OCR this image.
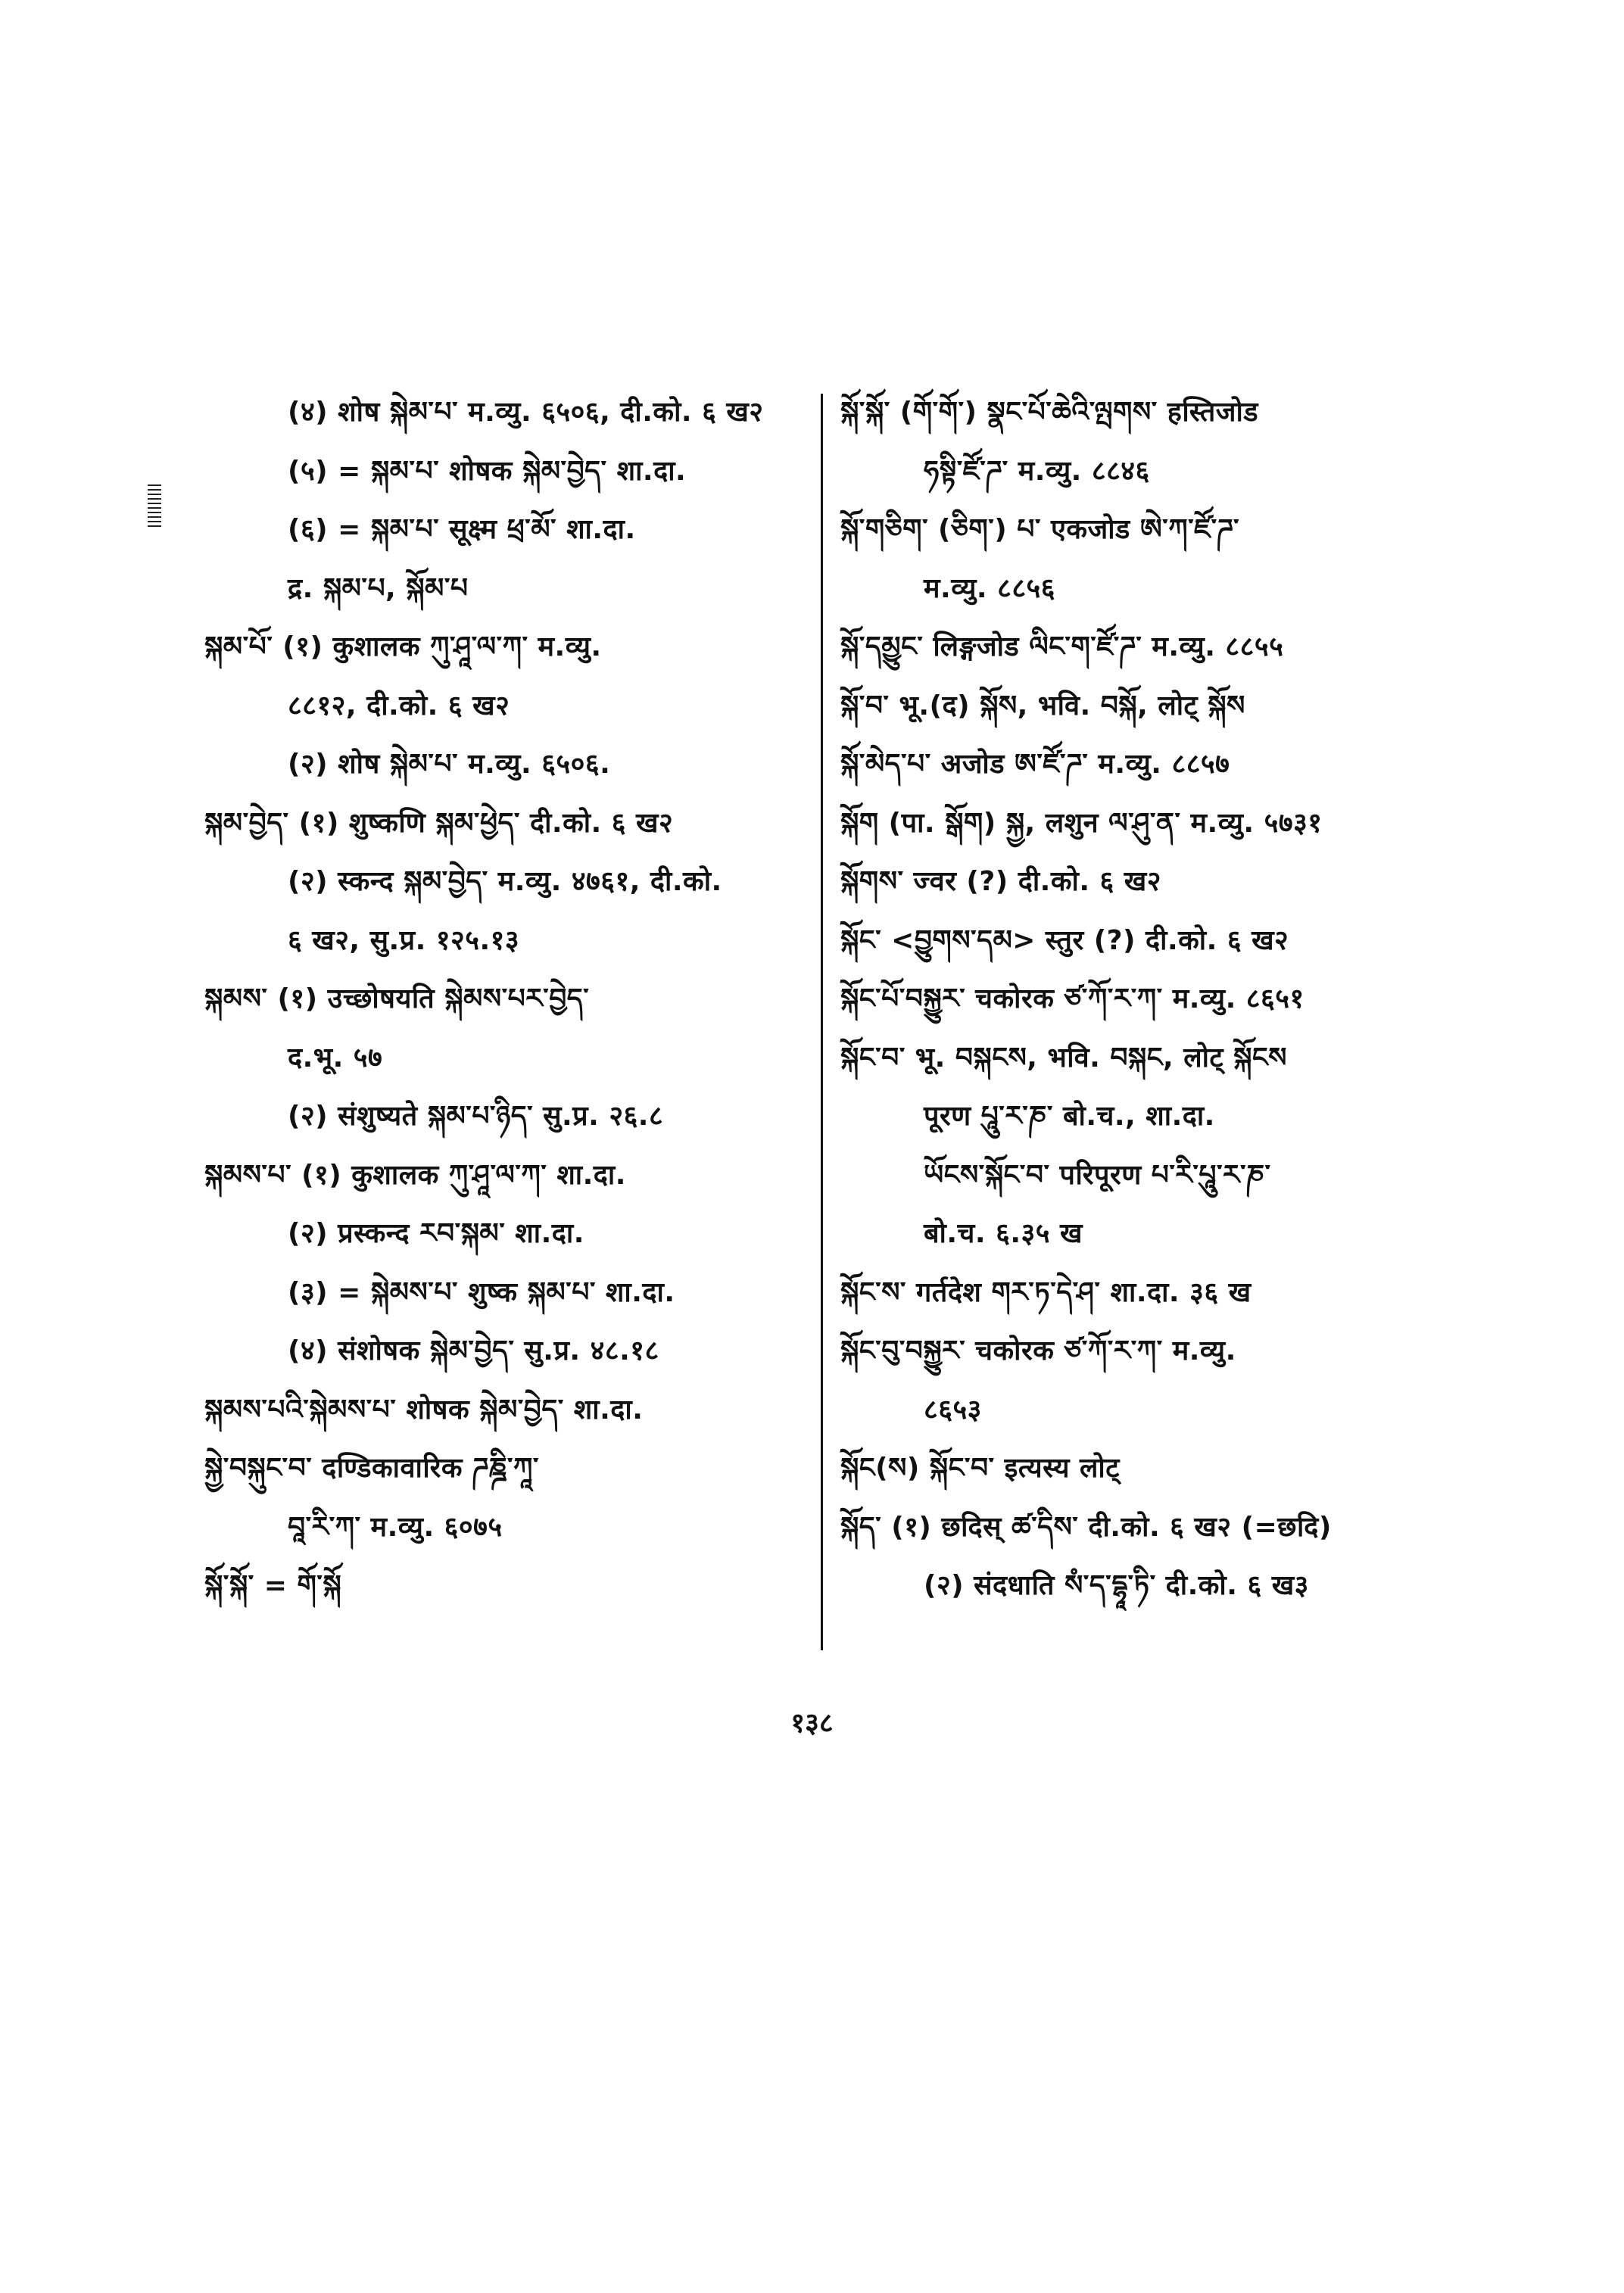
(४) शोष སྐེམ་པ་ म.व्यु. ६५०६, दी.को. ६ ख२
(५) = སྐམ་པ་ शोषक སྐེམ་བྱེད་ शा.दा.
(६) = སྐམ་པ་ सूक्ष्म ཕྲ་མོ་ शा.दा.
द्र. སྐམ་པ, སྐོམ་པ
སྐམ་པོ་ (१) कुशालक ཀུ་ཤཱ་ལ་ཀ་ म.व्यु.
८८१२, दी.को. ६ ख२
(२) शोष སྐེམ་པ་ म.व्यु. ६५०६.
སྐམ་བྱེད་ (१) शुष्कणि སྐམ་ཕྱེད་ दी.को. ६ ख२
(२) स्कन्द སྐམ་བྱེད་ म.व्यु. ४७६१, दी.को.
६ ख२, सु.प्र. १२५.१३
སྐམས་ (१) उच्छोषयति སྐེམས་པར་བྱེད་
द.भू. ५७
(२) संशुष्यते སྐམ་པ་ཉིད་ सु.प्र. २६.८
སྐམས་པ་ (१) कुशालक ཀུ་ཤཱ་ལ་ཀ་ शा.दा.
(२) प्रस्कन्द རབ་སྐམ་ शा.दा.
(३) = སྐེམས་པ་ शुष्क སྐམ་པ་ शा.दा.
(४) संशोषक སྐེམ་བྱེད་ सु.प्र. ४८.१८
སྐམས་པའི་སྐེམས་པ་ शोषक སྐེམ་བྱེད་ शा.दा.
སྐྱེ་བསྐུང་བ་ दण्डिकावारिक ཌཎྜི་ཀཱ་
བཱ་རི་ཀ་ म.व्यु. ६०७५
སྐོ་སྐོ་ = གོ་སྐོ
སྐོ་སྐོ་ (གོ་གོ་) སྣང་པོ་ཆེའི་ལྤགས་ हस्तिजोड
ཧསྟི་ཛོ་ཌ་ म.व्यु. ८८४६
སྐོ་གཅིག་ (ཅིག་) པ་ एकजोड ཨེ་ཀ་ཛོ་ཌ་
म.व्यु. ८८५६
སྐོ་དམྱུང་ लिङ्गजोड ལིང་ག་ཛོ་ཌ་ म.व्यु. ८८५५
སྐོ་བ་ भू.(द) སྐོས, भवि. བསྐོ, लोट् སྐོས
སྐོ་མེད་པ་ अजोड ཨ་ཛོ་ཌ་ म.व्यु. ८८५७
སྐོག (पा. སྒོག) སྐྱ, लशुन ལ་ཤུ་ན་ म.व्यु. ५७३१
སྐོགས་ ज्वर (?) दी.को. ६ ख२
སྐོང་ <བྱུགས་དམ> स्तुर (?) दी.को. ६ ख२
སྐོང་པོ་བསྐྱུར་ चकोरक ཙ་ཀོ་ར་ཀ་ म.व्यु. ८६५१
སྐོང་བ་ भू. བསྐངས, भवि. བསྐང, लोट् སྐོངས
पूरण པཱུ་ར་ཎ་ बो.च., शा.दा.
ཡོངས་སྐོང་བ་ परिपूरण པ་རི་པཱུ་ར་ཎ་
बो.च. ६.३५ ख
སྐོང་ས་ गर्तदेश གར་ཏ་དེ་ཤ་ शा.दा. ३६ ख
སྐོང་བུ་བསྐྱུར་ चकोरक ཙ་ཀོ་ར་ཀ་ म.व्यु.
८६५३
སྐོང(ས) སྐོང་བ་ इत्यस्य लोट्
སྐོད་ (१) छदिस् ཚ་དིས་ दी.को. ६ ख२ (=छदि)
(२) संदधाति སཾ་ད་དྷཱ་ཏི་ दी.को. ६ ख३
१३८
